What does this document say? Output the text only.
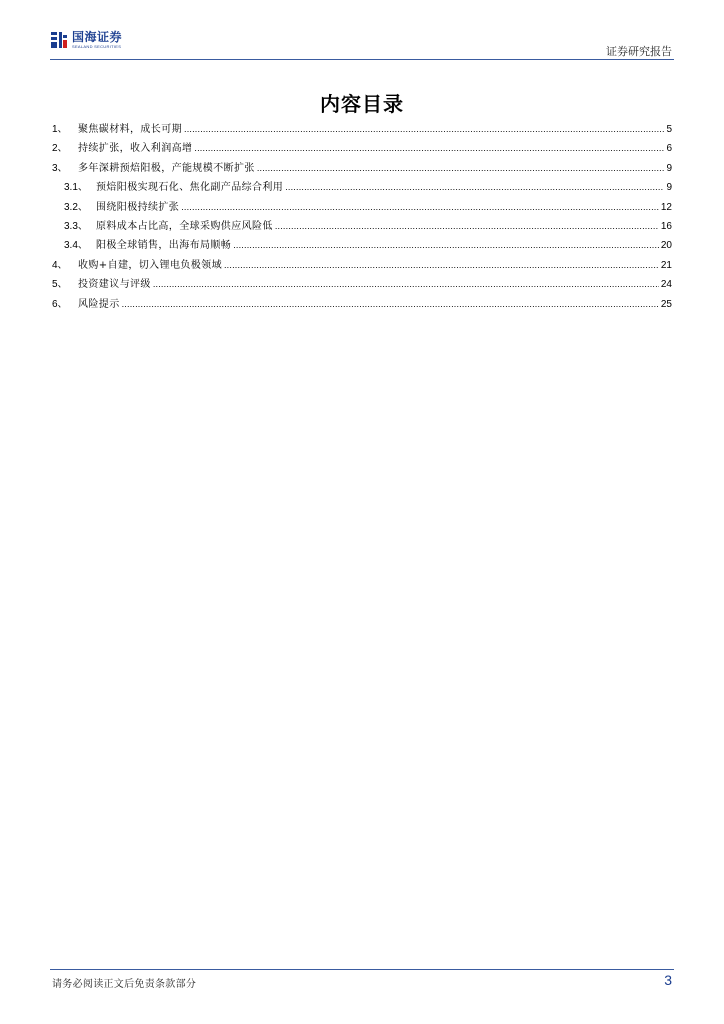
国海证券
SEALAND SECURITIES	证券研究报告
内容目录
1、	聚焦碳材料，成长可期 .....	5
2、	持续扩张，收入利润高增 .....	6
3、	多年深耕预焙阳极，产能规模不断扩张 .....	9
3.1、 预焙阳极实现石化、焦化副产品综合利用 .....	9
3.2、 围绕阳极持续扩张 .....	12
3.3、 原料成本占比高，全球采购供应风险低 .....	16
3.4、 阳极全球销售，出海布局顺畅 .....	20
4、	收购+自建，切入锂电负极领域 .....	21
5、	投资建议与评级 .....	24
6、	风险提示 .....	25
请务必阅读正文后免责条款部分	3
